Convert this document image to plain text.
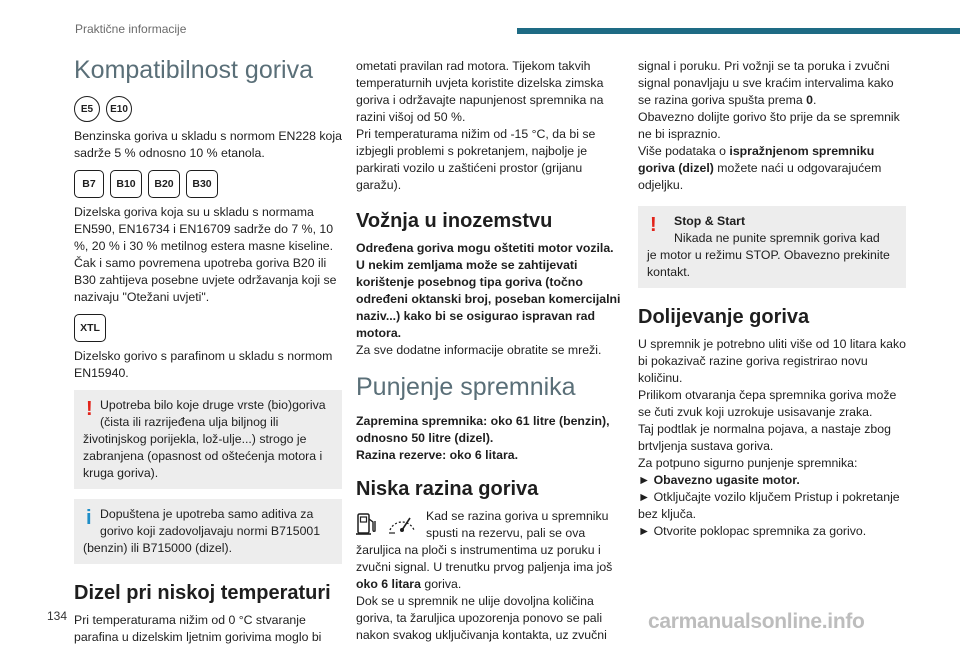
Praktične informacije
Kompatibilnost goriva
E5	E10

Benzinska goriva u skladu s normom EN228 koja sadrže 5 % odnosno 10 % etanola.

B7	B10	B20	B30

Dizelska goriva koja su u skladu s normama EN590, EN16734 i EN16709 sadrže do 7 %, 10 %, 20 % i 30 % metilnog estera masne kiseline. Čak i samo povremena upotreba goriva B20 ili B30 zahtijeva posebne uvjete održavanja koji se nazivaju "Otežani uvjeti".

XTL

Dizelsko gorivo s parafinom u skladu s normom EN15940.

! Upotreba bilo koje druge vrste (bio)goriva

(čista ili razrijeđena ulja biljnog ili životinjskog porijekla, lož-ulje...) strogo je zabranjena (opasnost od oštećenja motora i kruga goriva).

i Dopuštena je upotreba samo aditiva za

gorivo koji zadovoljavaju normi B715001 (benzin) ili B715000 (dizel).

Dizel pri niskoj temperaturi

Pri temperaturama nižim od 0 °C stvaranje parafina u dizelskim ljetnim gorivima moglo bi

ometati pravilan rad motora. Tijekom takvih temperaturnih uvjeta koristite dizelska zimska goriva i održavajte napunjenost spremnika na razini višoj od 50 %.

Pri temperaturama nižim od -15 °C, da bi se izbjegli problemi s pokretanjem, najbolje je parkirati vozilo u zaštićeni prostor (grijanu garažu).

Vožnja u inozemstvu

Određena goriva mogu oštetiti motor vozila. U nekim zemljama može se zahtijevati korištenje posebnog tipa goriva (točno određeni oktanski broj, poseban komercijalni naziv...) kako bi se osigurao ispravan rad motora.

Za sve dodatne informacije obratite se mreži.

Punjenje spremnika

Zapremina spremnika: oko 61 litre (benzin), odnosno 50 litre (dizel).

Razina rezerve: oko 6 litara.

Niska razina goriva

Kad se razina goriva u spremniku spusti na rezervu, pali se ova žaruljica na ploči s instrumentima uz poruku i zvučni signal. U trenutku prvog paljenja ima još oko 6 litara goriva.

Dok se u spremnik ne ulije dovoljna količina goriva, ta žaruljica upozorenja ponovo se pali nakon svakog uključivanja kontakta, uz zvučni

signal i poruku. Pri vožnji se ta poruka i zvučni signal ponavljaju u sve kraćim intervalima kako se razina goriva spušta prema 0.

Obavezno dolijte gorivo što prije da se spremnik ne bi ispraznio.

Više podataka o ispražnjenom spremniku goriva (dizel) možete naći u odgovarajućem odjeljku.

!	Stop & Start

Nikada ne punite spremnik goriva kad

je motor u režimu STOP. Obavezno prekinite kontakt.

Dolijevanje goriva

U spremnik je potrebno uliti više od 10 litara kako bi pokazivač razine goriva registrirao novu količinu.

Prilikom otvaranja čepa spremnika goriva može se čuti zvuk koji uzrokuje usisavanje zraka.

Taj podtlak je normalna pojava, a nastaje zbog brtvljenja sustava goriva.

Za potpuno sigurno punjenje spremnika:

► Obavezno ugasite motor.

► Otključajte vozilo ključem Pristup i pokretanje bez ključa.

► Otvorite poklopac spremnika za gorivo.

134	carmanualsonline.info
